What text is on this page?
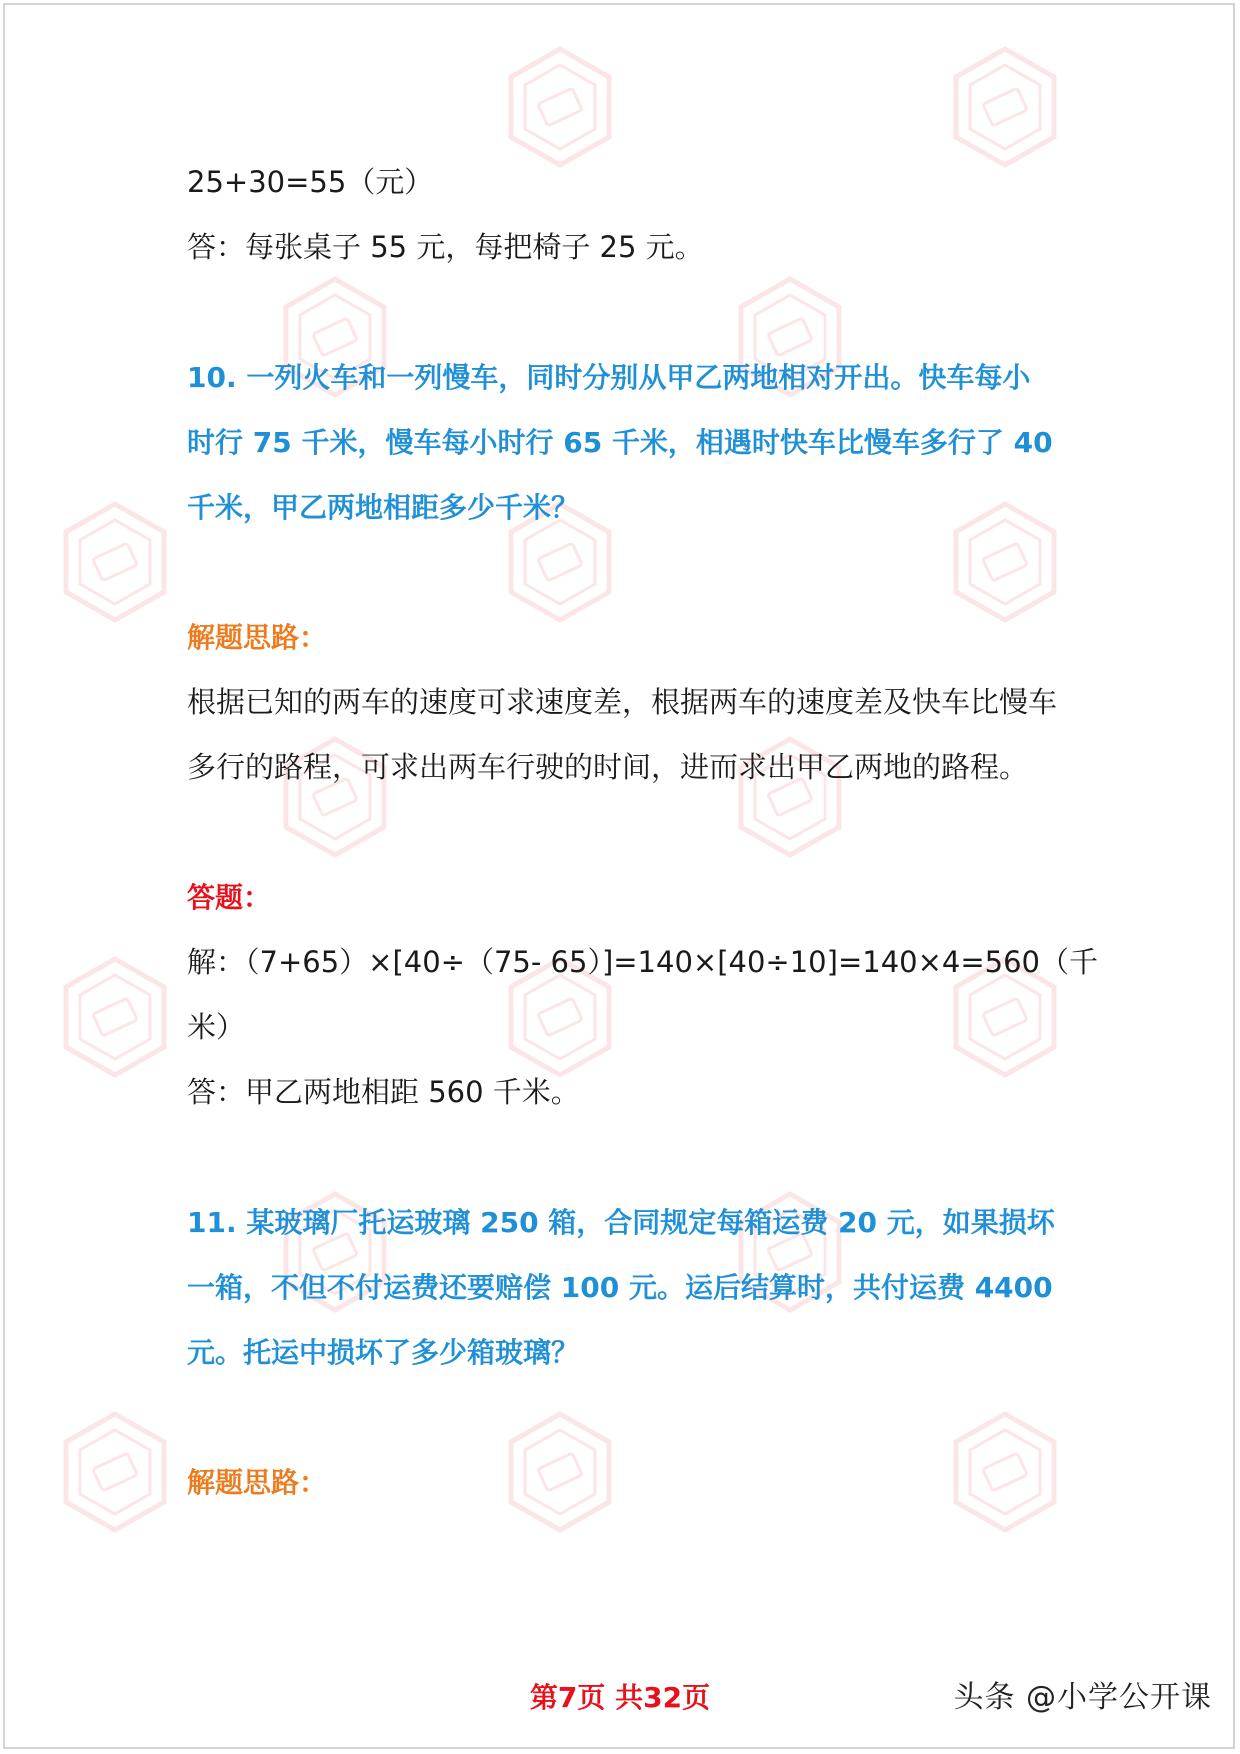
25+30=55（元）

答：每张桌子 55 元，每把椅子 25 元。

10. 一列火车和一列慢车，同时分别从甲乙两地相对开出。快车每小

时行 75 千米，慢车每小时行 65 千米，相遇时快车比慢车多行了 40

千米，甲乙两地相距多少千米？

解题思路：

根据已知的两车的速度可求速度差，根据两车的速度差及快车比慢车

多行的路程，可求出两车行驶的时间，进而求出甲乙两地的路程。

答题：

解：（7+65）×[40÷（75- 65）]=140×[40÷10]=140×4=560（千

米）

答：甲乙两地相距 560 千米。

11. 某玻璃厂托运玻璃 250 箱，合同规定每箱运费 20 元，如果损坏

一箱，不但不付运费还要赔偿 100 元。运后结算时，共付运费 4400

元。托运中损坏了多少箱玻璃？

解题思路：

第7页 共32页	头条 @小学公开课
